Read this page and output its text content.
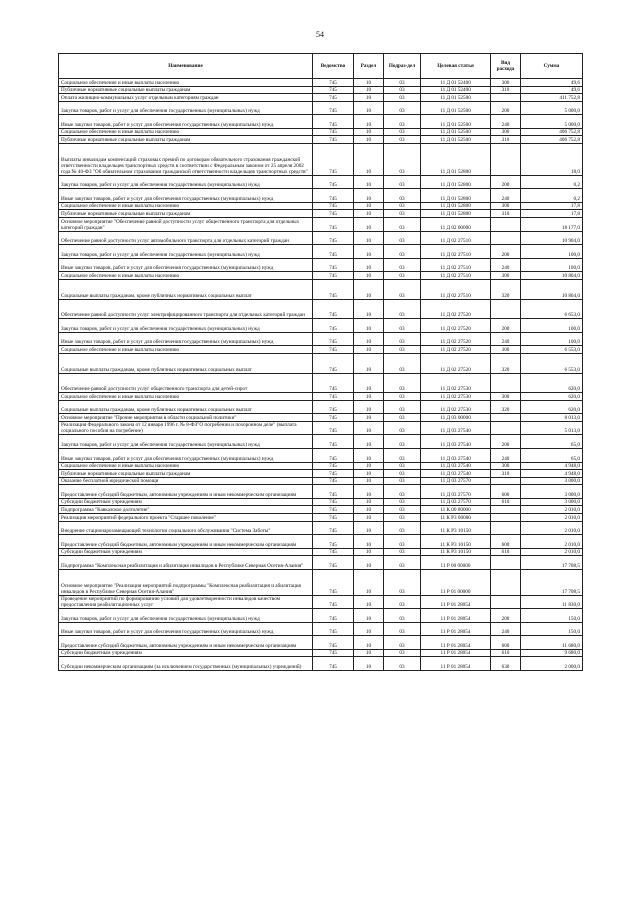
54
Наименование	Ведомство	Раздел	Подраз-дел	Целевая статья	Вид расхода	Сумма
Социальное обеспечение и иные выплаты населению	745	10	03	11 Д 01 52400	300	49,6
Публичные нормативные социальные выплаты гражданам	745	10	03	11 Д 01 52400	310	49,6
Оплата жилищно-коммунальных услуг отдельным категориям граждан	745	10	03	11 Д 01 52500		411 752,8
Закупка товаров, работ и услуг для обеспечения государственных (муниципальных) нужд	745	10	03	11 Д 01 52500	200	5 000,0
Иные закупки товаров, работ и услуг для обеспечения государственных (муниципальных) нужд	745	10	03	11 Д 01 52500	240	5 000,0
Социальное обеспечение и иные выплаты населению	745	10	03	11 Д 01 52500	300	406 752,8
Публичные нормативные социальные выплаты гражданам	745	10	03	11 Д 01 52500	310	406 752,8
Выплаты инвалидам компенсаций страховых премий по договорам обязательного страхования гражданской ответственности владельцев транспортных средств в соответствии с Федеральным законом от 25 апреля 2002 года № 40-ФЗ "Об обязательном страховании гражданской ответственности владельцев транспортных средств"	745	10	03	11 Д 01 52800		18,0
Закупка товаров, работ и услуг для обеспечения государственных (муниципальных) нужд	745	10	03	11 Д 01 52800	200	0,2
Иные закупки товаров, работ и услуг для обеспечения государственных (муниципальных) нужд	745	10	03	11 Д 01 52800	240	0,2
Социальное обеспечение и иные выплаты населению	745	10	03	11 Д 01 52800	300	17,8
Публичные нормативные социальные выплаты гражданам	745	10	03	11 Д 01 52800	310	17,8
Основное мероприятие "Обеспечение равной доступности услуг общественного транспорта для отдельных категорий граждан"	745	10	03	11 Д 02 00000		18 177,0
Обеспечение равной доступности услуг автомобильного транспорта для отдельных категорий граждан	745	10	03	11 Д 02 27510		10 904,0
Закупка товаров, работ и услуг для обеспечения государственных (муниципальных) нужд	745	10	03	11 Д 02 27510	200	100,0
Иные закупки товаров, работ и услуг для обеспечения государственных (муниципальных) нужд	745	10	03	11 Д 02 27510	240	100,0
Социальное обеспечение и иные выплаты населению	745	10	03	11 Д 02 27510	300	10 804,0
Социальные выплаты гражданам, кроме публичных нормативных социальных выплат	745	10	03	11 Д 02 27510	320	10 804,0
Обеспечение равной доступности услуг электрифицированного транспорта для отдельных категорий граждан	745	10	03	11 Д 02 27520		6 653,0
Закупка товаров, работ и услуг для обеспечения государственных (муниципальных) нужд	745	10	03	11 Д 02 27520	200	100,0
Иные закупки товаров, работ и услуг для обеспечения государственных (муниципальных) нужд	745	10	03	11 Д 02 27520	240	100,0
Социальное обеспечение и иные выплаты населению	745	10	03	11 Д 02 27520	300	6 553,0
Социальные выплаты гражданам, кроме публичных нормативных социальных выплат	745	10	03	11 Д 02 27520	320	6 553,0
Обеспечение равной доступности услуг общественного транспорта для детей-сирот	745	10	03	11 Д 02 27530		620,0
Социальное обеспечение и иные выплаты населению	745	10	03	11 Д 02 27530	300	620,0
Социальные выплаты гражданам, кроме публичных нормативных социальных выплат	745	10	03	11 Д 02 27530	320	620,0
Основное мероприятие "Прочие мероприятия в области социальной политики"	745	10	03	11 Д 03 00000		8 013,0
Реализация Федерального закона от 12 января 1996 г. № 8-ФЗ"О погребении и похоронном деле" (выплата социального пособия на погребение)	745	10	03	11 Д 03 27540		5 013,0
Закупка товаров, работ и услуг для обеспечения государственных (муниципальных) нужд	745	10	03	11 Д 03 27540	200	65,0
Иные закупки товаров, работ и услуг для обеспечения государственных (муниципальных) нужд	745	10	03	11 Д 03 27540	240	65,0
Социальное обеспечение и иные выплаты населению	745	10	03	11 Д 03 27540	300	4 948,0
Публичные нормативные социальные выплаты гражданам	745	10	03	11 Д 03 27540	310	4 948,0
Оказание бесплатной юридической помощи	745	10	03	11 Д 03 27570		3 000,0
Предоставление субсидий бюджетным, автономным учреждениям и иным некоммерческим организациям	745	10	03	11 Д 03 27570	600	3 000,0
Субсидии бюджетным учреждениям	745	10	03	11 Д 03 27570	610	3 000,0
Подпрограмма "Кавказское долголетие"	745	10	03	11 К 00 00000		2 010,0
Реализация мероприятий федерального проекта "Старшее поколение"	745	10	03	11 К Р3 00000		2 010,0
Внедрение стационарозамещающей технологии социального обслуживания "Система Заботы"	745	10	03	11 К Р3 10150		2 010,0
Предоставление субсидий бюджетным, автономным учреждениям и иным некоммерческим организациям	745	10	03	11 К Р3 10150	600	2 010,0
Субсидии бюджетным учреждениям	745	10	03	11 К Р3 10150	610	2 010,0
Подпрограмма "Комплексная реабилитация и абилитация инвалидов в Республике Северная Осетия-Алания"	745	10	03	11 Р 00 00000		17 708,5
Основное мероприятие "Реализация мероприятий подпрограммы "Комплексная реабилитация и абилитация инвалидов в Республике Северная Осетия-Алания"	745	10	03	11 Р 01 00000		17 708,5
Проведение мероприятий по формированию условий для удовлетворенности инвалидов качеством предоставления реабилитационных услуг	745	10	03	11 Р 01 28054		11 830,0
Закупка товаров, работ и услуг для обеспечения государственных (муниципальных) нужд	745	10	03	11 Р 01 28054	200	150,0
Иные закупки товаров, работ и услуг для обеспечения государственных (муниципальных) нужд	745	10	03	11 Р 01 28054	240	150,0
Предоставление субсидий бюджетным, автономным учреждениям и иным некоммерческим организациям	745	10	03	11 Р 01 28054	600	11 680,0
Субсидии бюджетным учреждениям	745	10	03	11 Р 01 28054	610	9 680,0
Субсидии некоммерческим организациям (за исключением государственных (муниципальных) учреждений)	745	10	03	11 Р 01 28054	630	2 000,0
